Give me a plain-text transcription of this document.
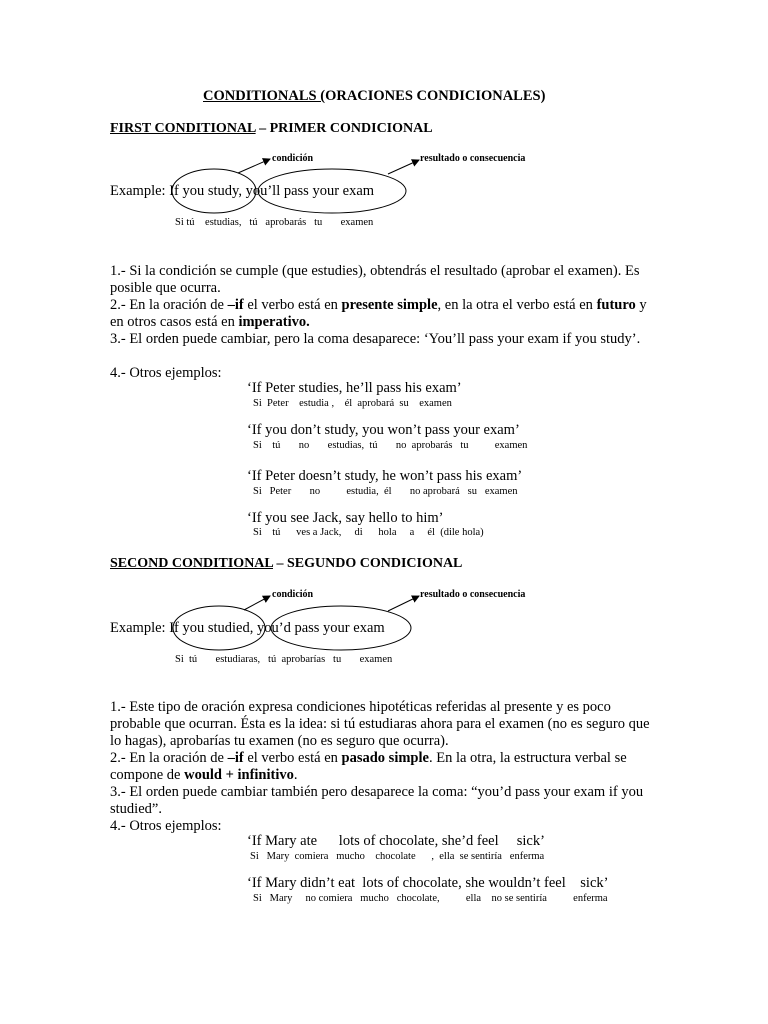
CONDITIONALS (ORACIONES CONDICIONALES)
FIRST CONDITIONAL – PRIMER CONDICIONAL
condición	resultado o consecuencia
Example: If you study, you’ll pass your exam
Si tú    estudias,   tú   aprobarás   tu       examen
1.- Si la condición se cumple (que estudies), obtendrás el resultado (aprobar el examen). Es posible que ocurra.
2.- En la oración de –if el verbo está en presente simple, en la otra el verbo está en futuro y en otros casos está en imperativo.
3.- El orden puede cambiar, pero la coma desaparece: ‘You’ll pass your exam if you study’.
4.- Otros ejemplos:
‘If Peter studies, he’ll pass his exam’
Si  Peter    estudia ,    él  aprobará  su    examen
‘If you don’t study, you won’t pass your exam’
Si    tú       no       estudias,  tú       no  aprobarás   tu          examen
‘If Peter doesn’t study, he won’t pass his exam’
Si   Peter       no          estudia,  él       no aprobará   su   examen
‘If you see Jack, say hello to him’
Si    tú      ves a Jack,     di      hola     a     él  (dile hola)
SECOND CONDITIONAL – SEGUNDO CONDICIONAL
condición	resultado o consecuencia
Example: If you studied, you’d pass your exam
Si  tú       estudiaras,   tú  aprobarías   tu       examen
1.- Este tipo de oración expresa condiciones hipotéticas referidas al presente y es poco probable que ocurran. Ésta es la idea: si tú estudiaras ahora para el examen (no es seguro que lo hagas), aprobarías tu examen (no es seguro que ocurra).
2.- En la oración de –if el verbo está en pasado simple. En la otra, la estructura verbal se compone de would + infinitivo.
3.- El orden puede cambiar también pero desaparece la coma: “you’d pass your exam if you studied”.
4.- Otros ejemplos:
‘If Mary ate      lots of chocolate, she’d feel     sick’
Si   Mary  comiera   mucho    chocolate      ,  ella  se sentiría   enferma
‘If Mary didn’t eat  lots of chocolate, she wouldn’t feel    sick’
Si   Mary     no comiera   mucho   chocolate,          ella    no se sentiría          enferma
